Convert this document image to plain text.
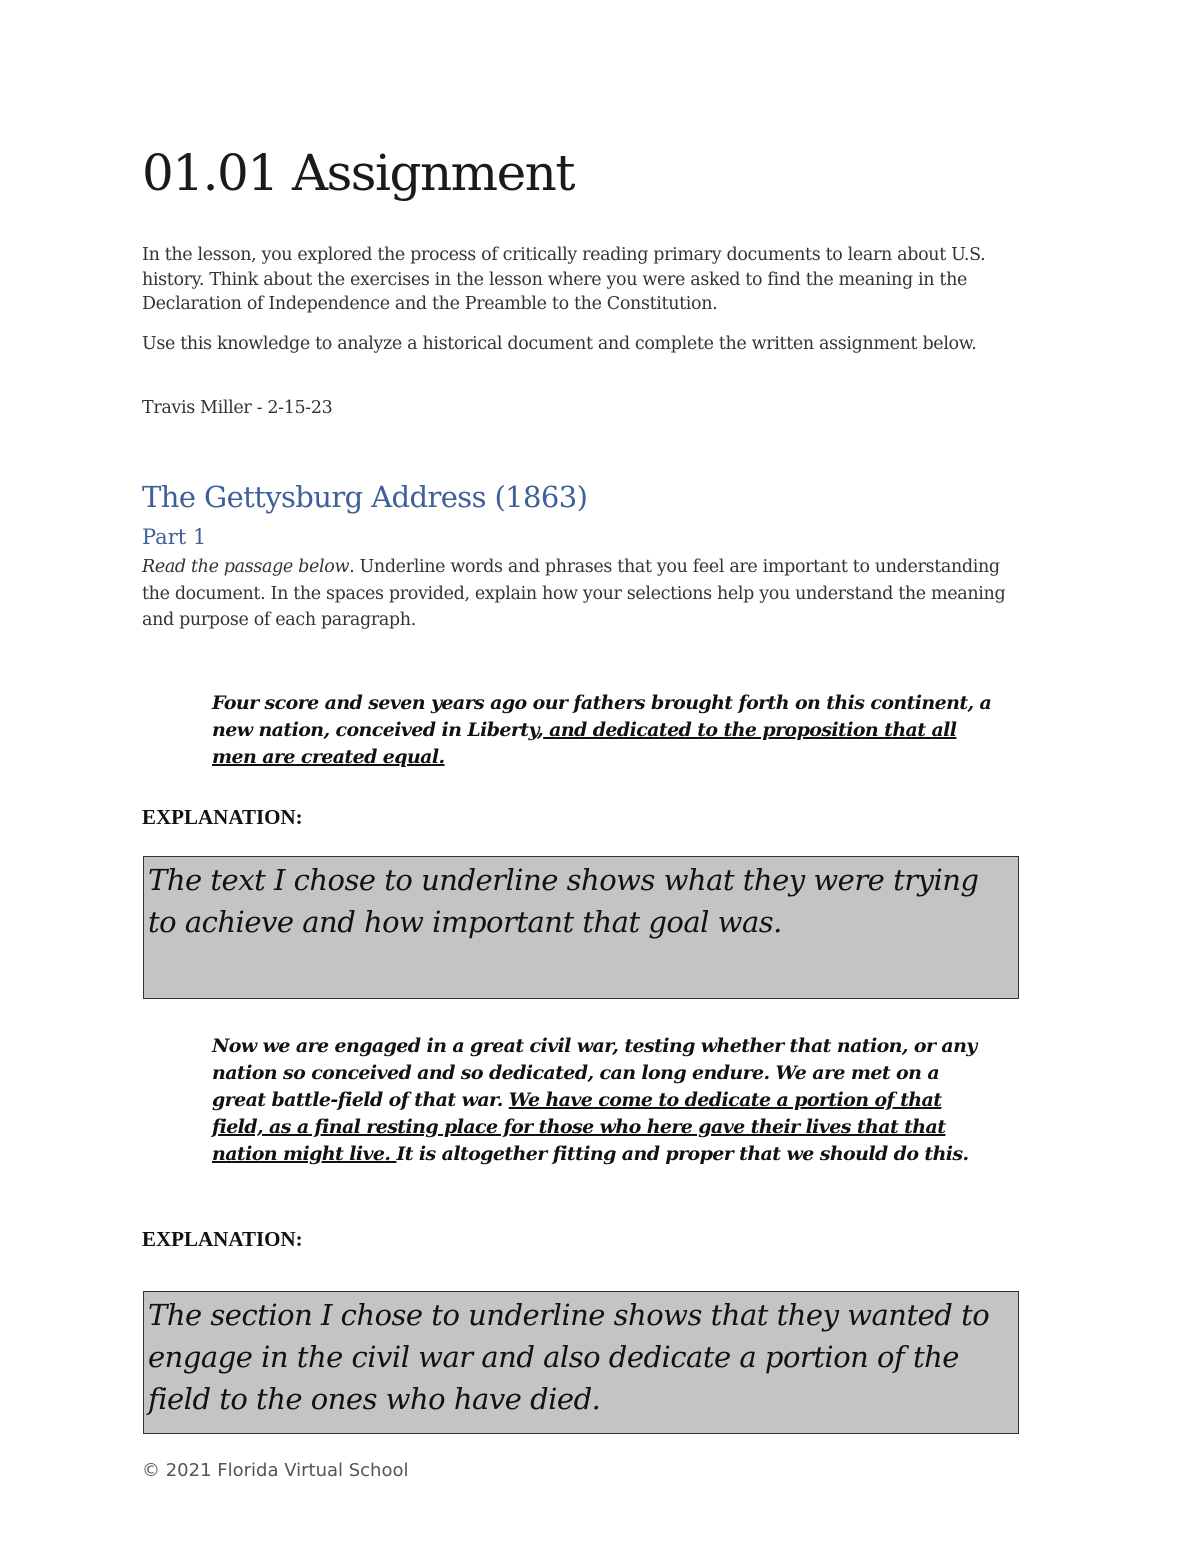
01.01 Assignment

In the lesson, you explored the process of critically reading primary documents to learn about U.S. history. Think about the exercises in the lesson where you were asked to find the meaning in the Declaration of Independence and the Preamble to the Constitution.

Use this knowledge to analyze a historical document and complete the written assignment below.

Travis Miller - 2-15-23

The Gettysburg Address (1863)
Part 1

Read the passage below. Underline words and phrases that you feel are important to understanding the document. In the spaces provided, explain how your selections help you understand the meaning and purpose of each paragraph.

Four score and seven years ago our fathers brought forth on this continent, a new nation, conceived in Liberty, and dedicated to the proposition that all men are created equal.

EXPLANATION:

The text I chose to underline shows what they were trying to achieve and how important that goal was.

Now we are engaged in a great civil war, testing whether that nation, or any nation so conceived and so dedicated, can long endure. We are met on a great battle-field of that war. We have come to dedicate a portion of that field, as a final resting place for those who here gave their lives that that nation might live. It is altogether fitting and proper that we should do this.

EXPLANATION:

The section I chose to underline shows that they wanted to engage in the civil war and also dedicate a portion of the field to the ones who have died.

© 2021 Florida Virtual School
